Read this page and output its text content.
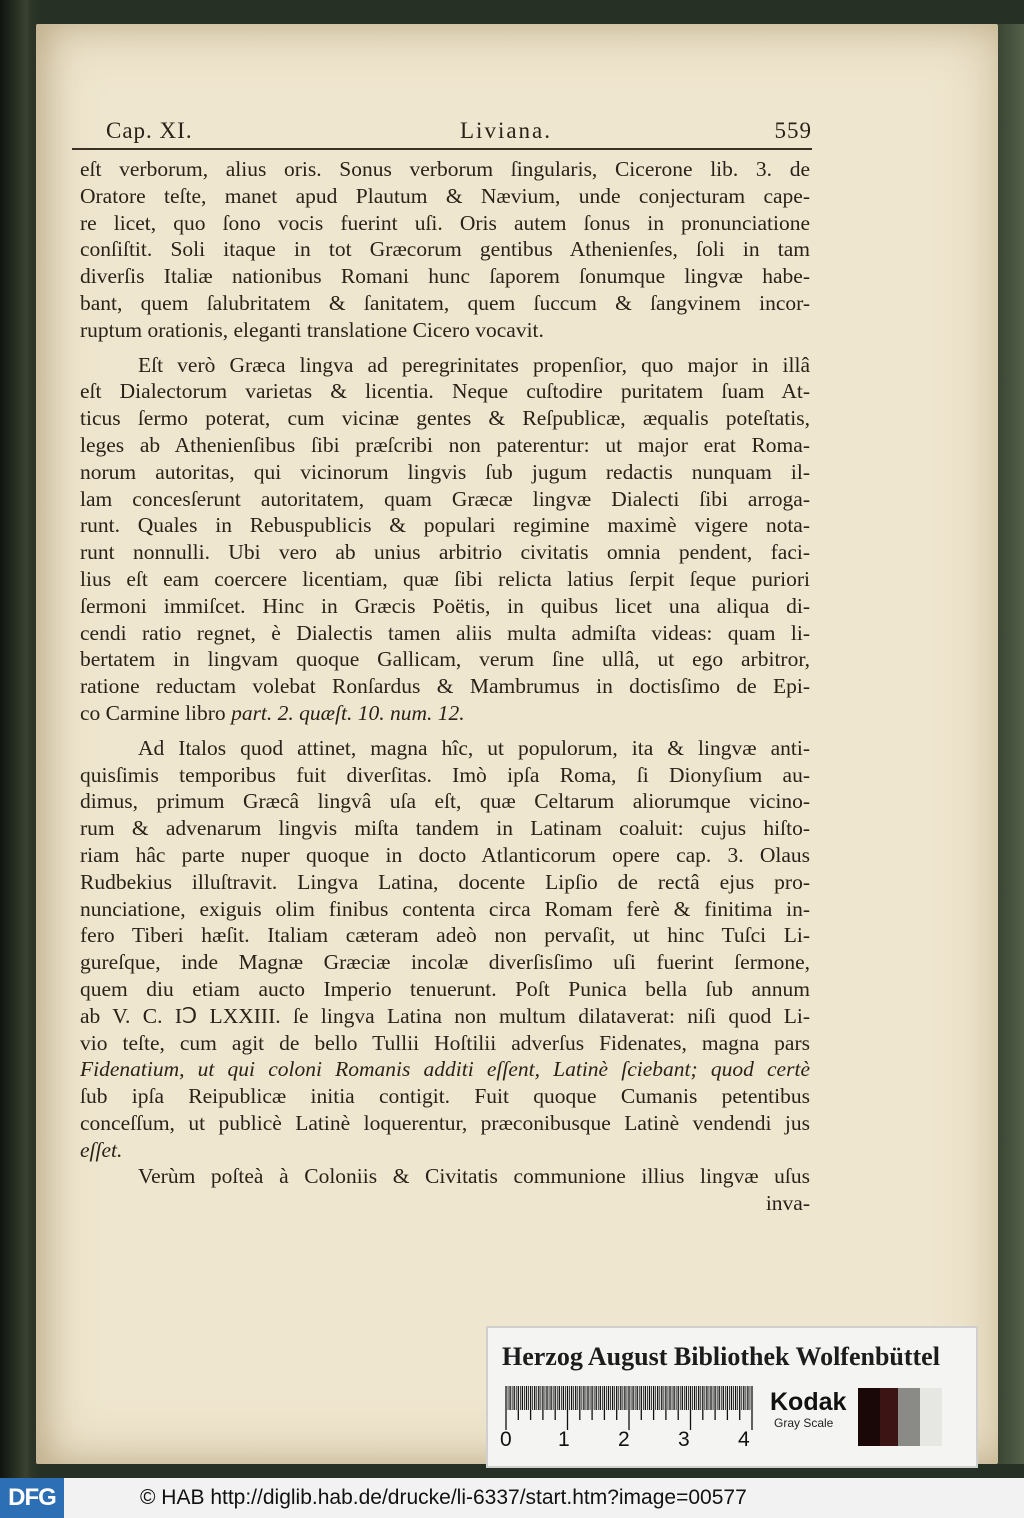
Cap. XI.	Liviana.	559
eſt verborum, alius oris. Sonus verborum ſingularis, Cicerone lib. 3. de
Oratore teſte, manet apud Plautum & Nævium, unde conjecturam cape-
re licet, quo ſono vocis fuerint uſi. Oris autem ſonus in pronunciatione
conſiſtit. Soli itaque in tot Græcorum gentibus Athenienſes, ſoli in tam
diverſis Italiæ nationibus Romani hunc ſaporem ſonumque lingvæ habe-
bant, quem ſalubritatem & ſanitatem, quem ſuccum & ſangvinem incor-
ruptum orationis, eleganti translatione Cicero vocavit.
Eſt verò Græca lingva ad peregrinitates propenſior, quo major in illâ
eſt Dialectorum varietas & licentia. Neque cuſtodire puritatem ſuam At-
ticus ſermo poterat, cum vicinæ gentes & Reſpublicæ, æqualis poteſtatis,
leges ab Athenienſibus ſibi præſcribi non paterentur: ut major erat Roma-
norum autoritas, qui vicinorum lingvis ſub jugum redactis nunquam il-
lam concesſerunt autoritatem, quam Græcæ lingvæ Dialecti ſibi arroga-
runt. Quales in Rebuspublicis & populari regimine maximè vigere nota-
runt nonnulli. Ubi vero ab unius arbitrio civitatis omnia pendent, faci-
lius eſt eam coercere licentiam, quæ ſibi relicta latius ſerpit ſeque puriori
ſermoni immiſcet. Hinc in Græcis Poëtis, in quibus licet una aliqua di-
cendi ratio regnet, è Dialectis tamen aliis multa admiſta videas: quam li-
bertatem in lingvam quoque Gallicam, verum ſine ullâ, ut ego arbitror,
ratione reductam volebat Ronſardus & Mambrumus in doctisſimo de Epi-
co Carmine libro part. 2. quæſt. 10. num. 12.
Ad Italos quod attinet, magna hîc, ut populorum, ita & lingvæ anti-
quisſimis temporibus fuit diverſitas. Imò ipſa Roma, ſi Dionyſium au-
dimus, primum Græcâ lingvâ uſa eſt, quæ Celtarum aliorumque vicino-
rum & advenarum lingvis miſta tandem in Latinam coaluit: cujus hiſto-
riam hâc parte nuper quoque in docto Atlanticorum opere cap. 3. Olaus
Rudbekius illuſtravit. Lingva Latina, docente Lipſio de rectâ ejus pro-
nunciatione, exiguis olim finibus contenta circa Romam ferè & finitima in-
fero Tiberi hæſit. Italiam cæteram adeò non pervaſit, ut hinc Tuſci Li-
gureſque, inde Magnæ Græciæ incolæ diverſisſimo uſi fuerint ſermone,
quem diu etiam aucto Imperio tenuerunt. Poſt Punica bella ſub annum
ab V. C. IↃ LXXIII. ſe lingva Latina non multum dilataverat: niſi quod Li-
vio teſte, cum agit de bello Tullii Hoſtilii adverſus Fidenates, magna pars
Fidenatium, ut qui coloni Romanis additi eſſent, Latinè ſciebant; quod certè
ſub ipſa Reipublicæ initia contigit. Fuit quoque Cumanis petentibus
conceſſum, ut publicè Latinè loquerentur, præconibusque Latinè vendendi jus
eſſet.
Verùm poſteà à Coloniis & Civitatis communione illius lingvæ uſus
inva-
Herzog August Bibliothek Wolfenbüttel
0 1 2 3 4
Kodak
Gray Scale
DFG	© HAB http://diglib.hab.de/drucke/li-6337/start.htm?image=00577
